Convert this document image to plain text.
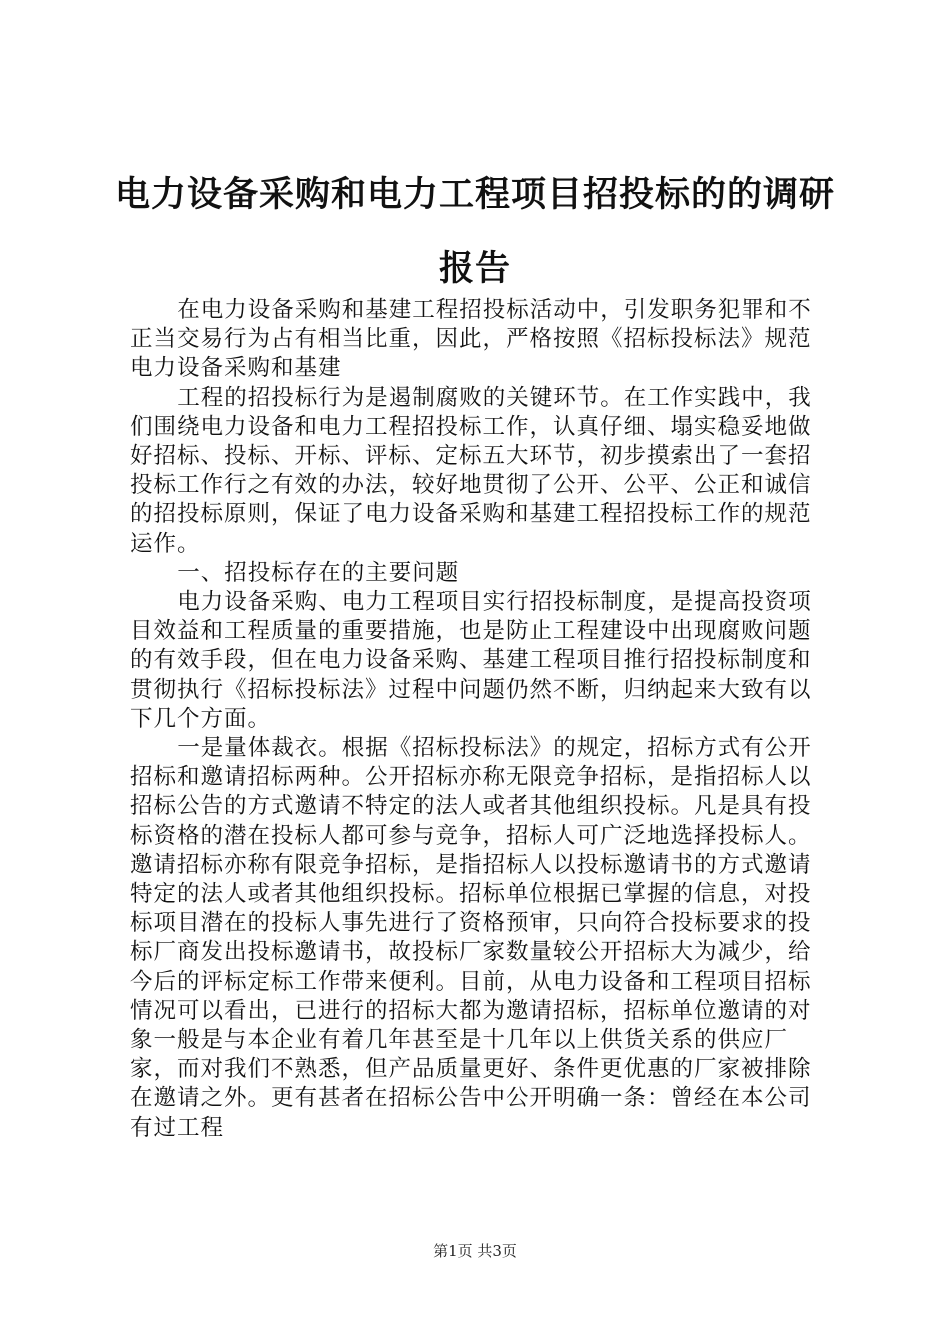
电力设备采购和电力工程项目招投标的的调研报告

在电力设备采购和基建工程招投标活动中，引发职务犯罪和不正当交易行为占有相当比重，因此，严格按照《招标投标法》规范电力设备采购和基建

工程的招投标行为是遏制腐败的关键环节。在工作实践中，我们围绕电力设备和电力工程招投标工作，认真仔细、塌实稳妥地做好招标、投标、开标、评标、定标五大环节，初步摸索出了一套招投标工作行之有效的办法，较好地贯彻了公开、公平、公正和诚信的招投标原则，保证了电力设备采购和基建工程招投标工作的规范运作。

一、招投标存在的主要问题

电力设备采购、电力工程项目实行招投标制度，是提高投资项目效益和工程质量的重要措施，也是防止工程建设中出现腐败问题的有效手段，但在电力设备采购、基建工程项目推行招投标制度和贯彻执行《招标投标法》过程中问题仍然不断，归纳起来大致有以下几个方面。

一是量体裁衣。根据《招标投标法》的规定，招标方式有公开招标和邀请招标两种。公开招标亦称无限竞争招标，是指招标人以招标公告的方式邀请不特定的法人或者其他组织投标。凡是具有投标资格的潜在投标人都可参与竞争，招标人可广泛地选择投标人。邀请招标亦称有限竞争招标，是指招标人以投标邀请书的方式邀请特定的法人或者其他组织投标。招标单位根据已掌握的信息，对投标项目潜在的投标人事先进行了资格预审，只向符合投标要求的投标厂商发出投标邀请书，故投标厂家数量较公开招标大为减少，给今后的评标定标工作带来便利。目前，从电力设备和工程项目招标情况可以看出，已进行的招标大都为邀请招标，招标单位邀请的对象一般是与本企业有着几年甚至是十几年以上供货关系的供应厂家，而对我们不熟悉，但产品质量更好、条件更优惠的厂家被排除在邀请之外。更有甚者在招标公告中公开明确一条：曾经在本公司有过工程

第1页 共3页
